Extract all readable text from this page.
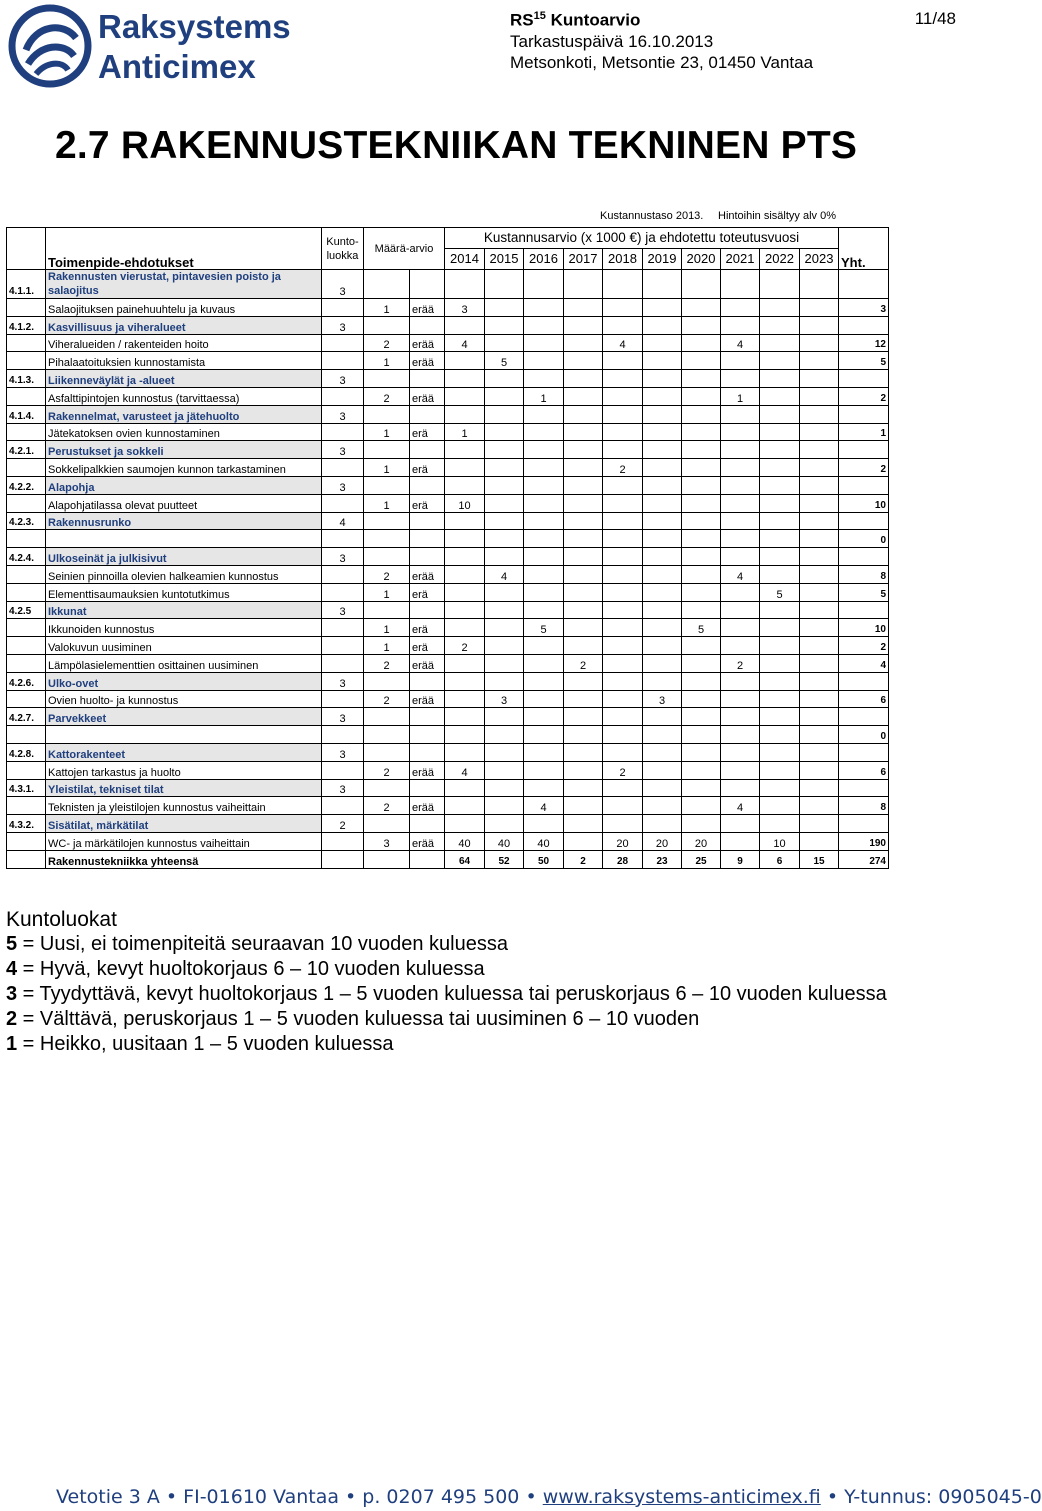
Raksystems
Anticimex
RS$^{15}$ Kuntoarvio
Tarkastuspäivä 16.10.2013
Metsonkoti, Metsontie 23, 01450 Vantaa
11/48
2.7 RAKENNUSTEKNIIKAN TEKNINEN PTS
Kustannustaso 2013. Hintoihin sisältyy alv 0%
	Toimenpide-ehdotukset	Kunto-luokka	Määrä-arvio		Kustannusarvio (x 1000 €) ja ehdotettu toteutusvuosi										Yht.
					2014	2015	2016	2017	2018	2019	2020	2021	2022	2023	
4.1.1.	Rakennusten vierustat, pintavesien poisto ja salaojitus	3													
	Salaojituksen painehuuhtelu ja kuvaus		1	erää	3										3
4.1.2.	Kasvillisuus ja viheralueet	3													
	Viheralueiden / rakenteiden hoito		2	erää	4				4			4			12
	Pihalaatoituksien kunnostamista		1	erää		5									5
4.1.3.	Liikenneväylät ja -alueet	3													
	Asfalttipintojen kunnostus (tarvittaessa)		2	erää			1					1			2
4.1.4.	Rakennelmat, varusteet ja jätehuolto	3													
	Jätekatoksen ovien kunnostaminen		1	erä	1										1
4.2.1.	Perustukset ja sokkeli	3													
	Sokkelipalkkien saumojen kunnon tarkastaminen		1	erä					2						2
4.2.2.	Alapohja	3													
	Alapohjatilassa olevat puutteet		1	erä	10										10
4.2.3.	Rakennusrunko	4													
															0
4.2.4.	Ulkoseinät ja julkisivut	3													
	Seinien pinnoilla olevien halkeamien kunnostus		2	erää		4						4			8
	Elementtisaumauksien kuntotutkimus		1	erä									5		5
4.2.5	Ikkunat	3													
	Ikkunoiden kunnostus		1	erä			5				5				10
	Valokuvun uusiminen		1	erä	2										2
	Lämpölasielementtien osittainen uusiminen		2	erää				2				2			4
4.2.6.	Ulko-ovet	3													
	Ovien huolto- ja kunnostus		2	erää		3				3					6
4.2.7.	Parvekkeet	3													
															0
4.2.8.	Kattorakenteet	3													
	Kattojen tarkastus ja huolto		2	erää	4				2						6
4.3.1.	Yleistilat, tekniset tilat	3													
	Teknisten ja yleistilojen kunnostus vaiheittain		2	erää			4					4			8
4.3.2.	Sisätilat, märkätilat	2													
	WC- ja märkätilojen kunnostus vaiheittain		3	erää	40	40	40		20	20	20		10		190
	Rakennustekniikka yhteensä				64	52	50	2	28	23	25	9	6	15	274
Kuntoluokat
5 = Uusi, ei toimenpiteitä seuraavan 10 vuoden kuluessa
4 = Hyvä, kevyt huoltokorjaus 6 – 10 vuoden kuluessa
3 = Tyydyttävä, kevyt huoltokorjaus 1 – 5 vuoden kuluessa tai peruskorjaus 6 – 10 vuoden kuluessa
2 = Välttävä, peruskorjaus 1 – 5 vuoden kuluessa tai uusiminen 6 – 10 vuoden
1 = Heikko, uusitaan 1 – 5 vuoden kuluessa
Vetotie 3 A • FI-01610 Vantaa • p. 0207 495 500 • www.raksystems-anticimex.fi • Y-tunnus: 0905045-0
